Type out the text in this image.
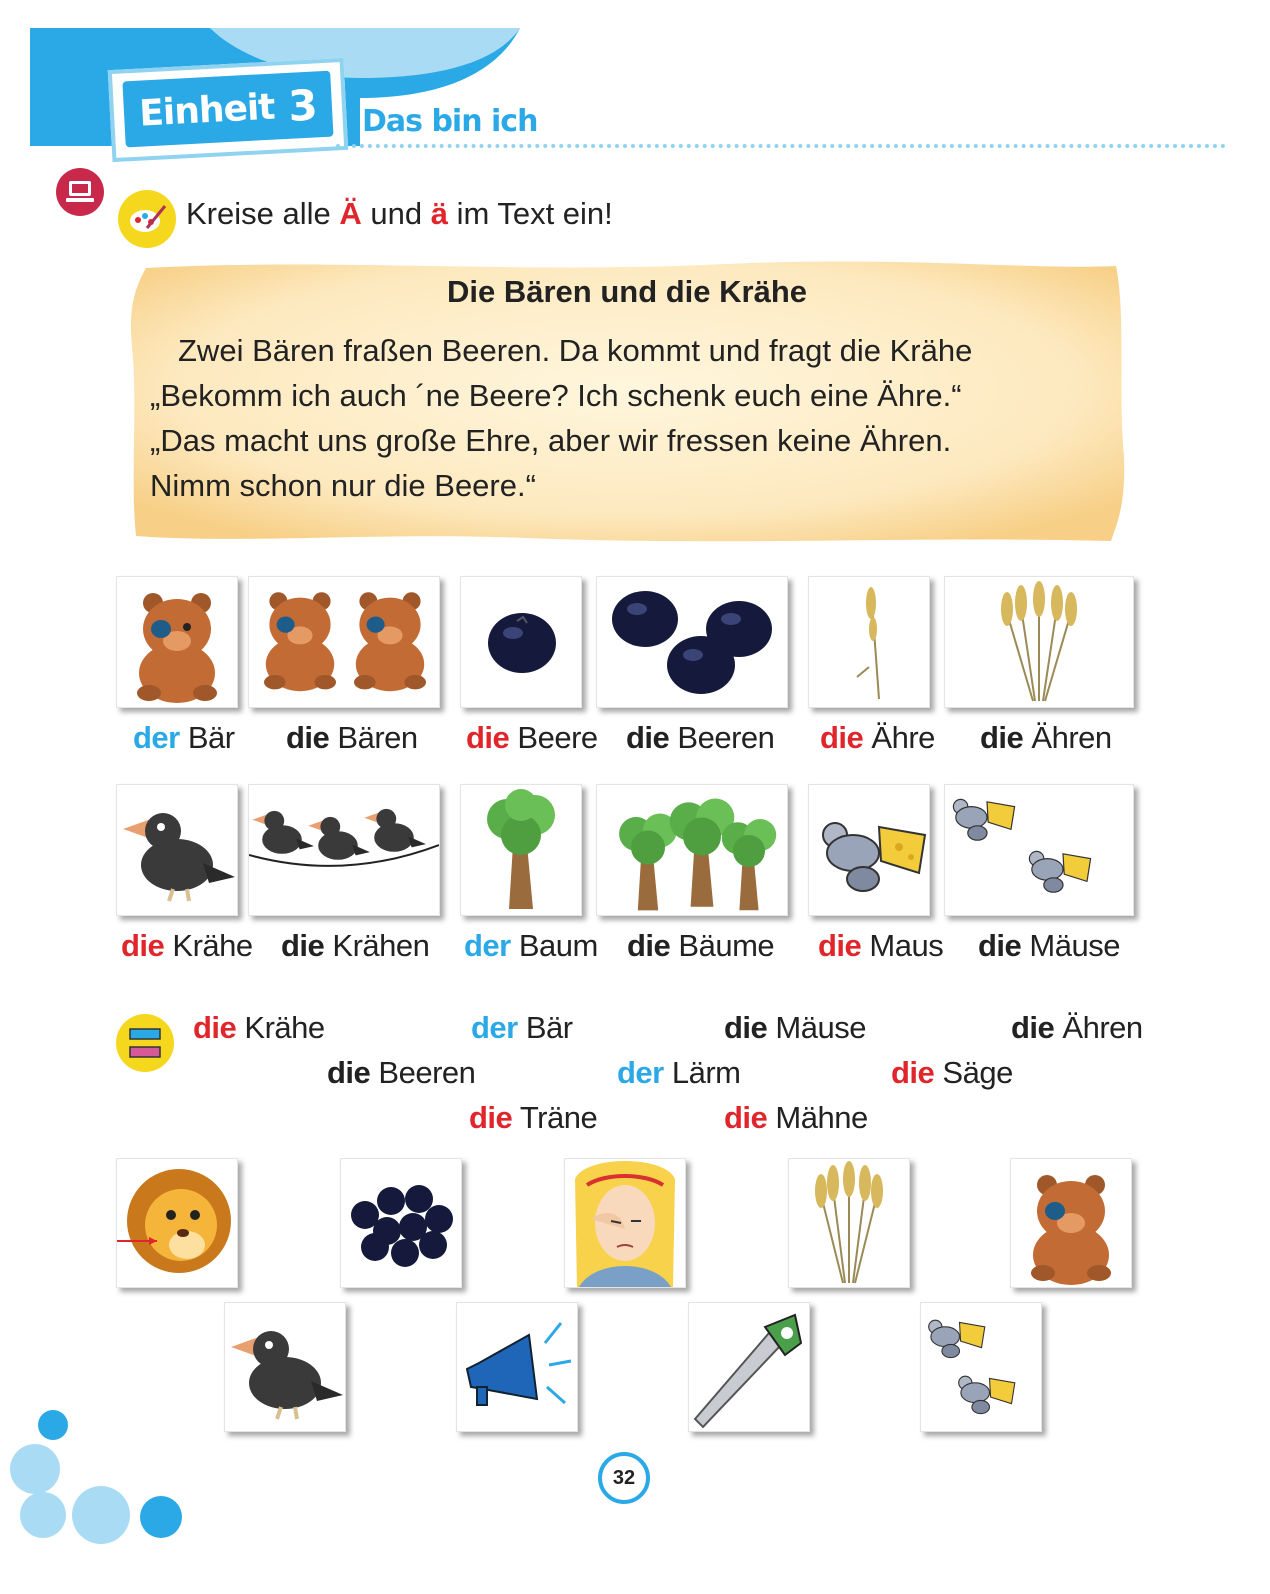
Einheit 3 Das bin ich
Kreise alle Ä und ä im Text ein!
Die Bären und die Krähe

Zwei Bären fraßen Beeren. Da kommt und fragt die Krähe

„Bekomm ich auch ´ne Beere? Ich schenk euch eine Ähre.“

„Das macht uns große Ehre, aber wir fressen keine Ähren.

Nimm schon nur die Beere.“

der Bär die Bären die Beere die Beeren die Ähre die Ähren
die Krähe die Krähen der Baum die Bäume die Maus die Mäuse
die Krähe	der Bär	die Mäuse	die Ähren
die Beeren	der Lärm	die Säge
die Träne	die Mähne
32
